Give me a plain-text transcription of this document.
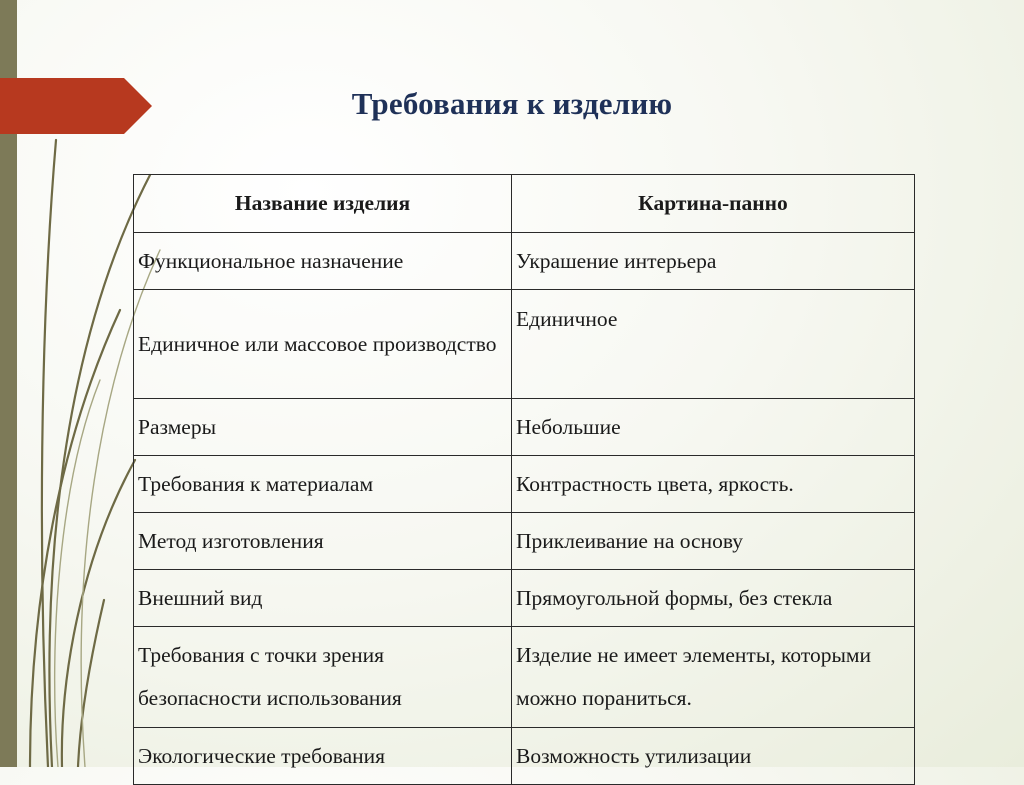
Требования к изделию
Название изделия	Картина-панно
Функциональное назначение	Украшение интерьера
Единичное или массовое производство	Единичное
Размеры	Небольшие
Требования к материалам	Контрастность цвета, яркость.
Метод изготовления	Приклеивание на основу
Внешний вид	Прямоугольной формы, без стекла
Требования с точки зрения безопасности использования	Изделие не имеет элементы, которыми можно пораниться.
Экологические требования	Возможность утилизации
